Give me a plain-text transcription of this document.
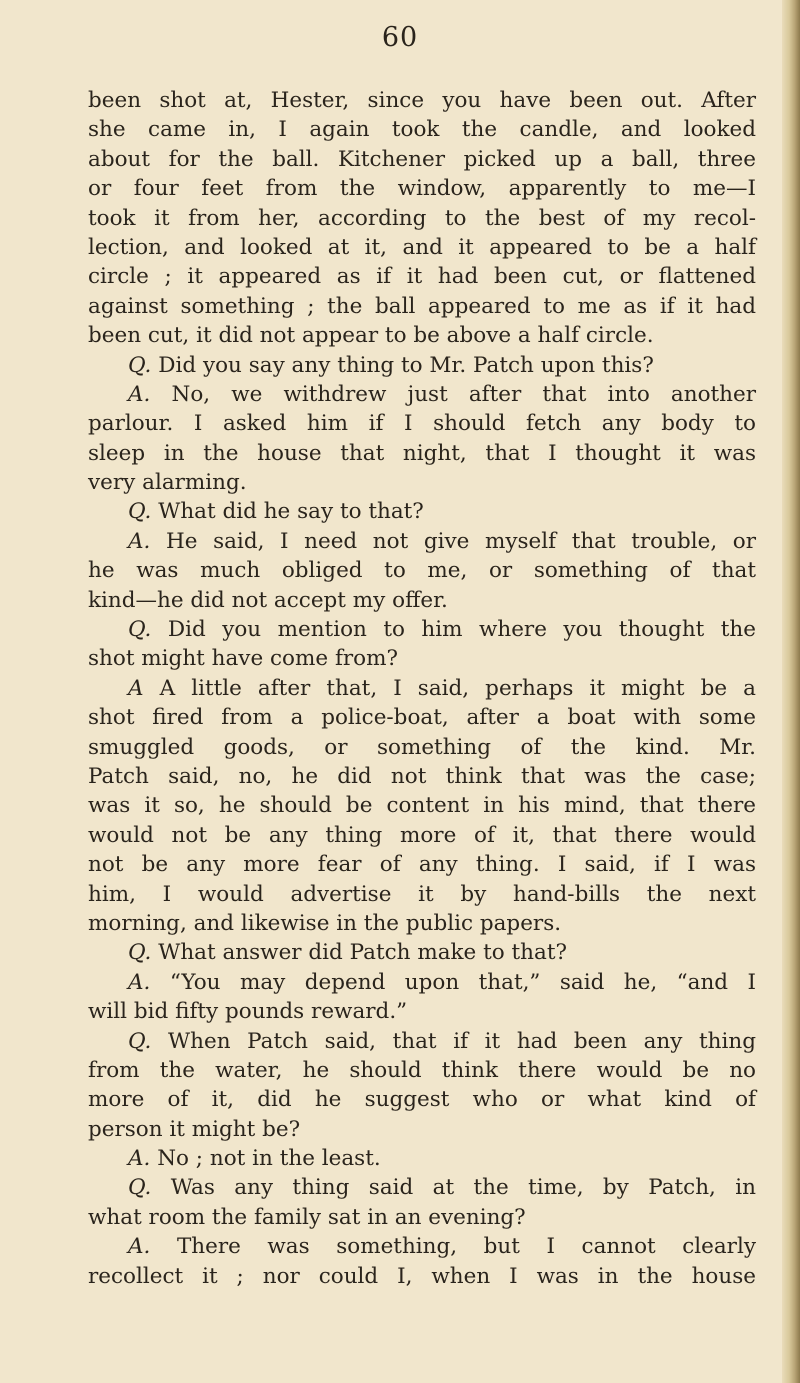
60
been shot at, Hester, since you have been out. After
she came in, I again took the candle, and looked
about for the ball. Kitchener picked up a ball, three
or four feet from the window, apparently to me—I
took it from her, according to the best of my recol-
lection, and looked at it, and it appeared to be a half
circle ; it appeared as if it had been cut, or flattened
against something ; the ball appeared to me as if it had
been cut, it did not appear to be above a half circle.
Q. Did you say any thing to Mr. Patch upon this?
A. No, we withdrew just after that into another
parlour. I asked him if I should fetch any body to
sleep in the house that night, that I thought it was
very alarming.
Q. What did he say to that?
A. He said, I need not give myself that trouble, or
he was much obliged to me, or something of that
kind—he did not accept my offer.
Q. Did you mention to him where you thought the
shot might have come from?
A A little after that, I said, perhaps it might be a
shot fired from a police-boat, after a boat with some
smuggled goods, or something of the kind. Mr.
Patch said, no, he did not think that was the case;
was it so, he should be content in his mind, that there
would not be any thing more of it, that there would
not be any more fear of any thing. I said, if I was
him, I would advertise it by hand-bills the next
morning, and likewise in the public papers.
Q. What answer did Patch make to that?
A. “You may depend upon that,” said he, “and I
will bid fifty pounds reward.”
Q. When Patch said, that if it had been any thing
from the water, he should think there would be no
more of it, did he suggest who or what kind of
person it might be?
A. No ; not in the least.
Q. Was any thing said at the time, by Patch, in
what room the family sat in an evening?
A. There was something, but I cannot clearly
recollect it ; nor could I, when I was in the house
